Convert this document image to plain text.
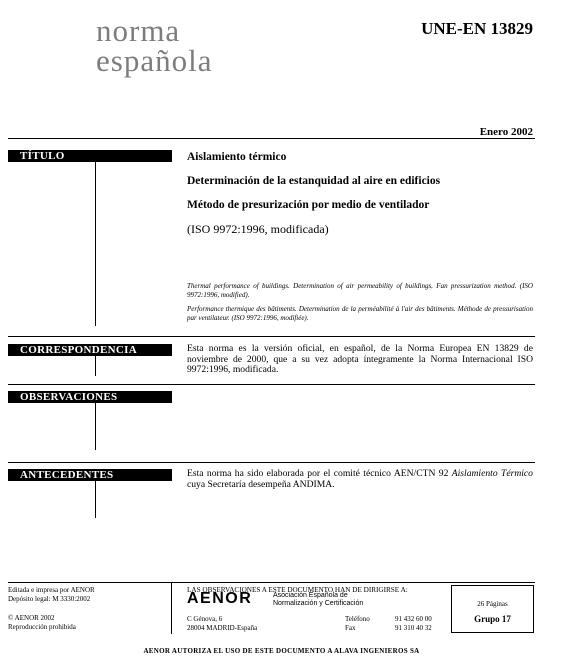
norma
española
UNE-EN 13829
Enero 2002
TÍTULO
CORRESPONDENCIA
OBSERVACIONES
ANTECEDENTES
Aislamiento térmico
Determinación de la estanquidad al aire en edificios
Método de presurización por medio de ventilador
(ISO 9972:1996, modificada)
Thermal performance of buildings. Determination of air permeability of buildings. Fan pressurization method. (ISO 9972:1996, modified).
Performance thermique des bâtiments. Determination de la perméabilité à l'air des bâtiments. Méthode de pressurisation par ventilateur. (ISO 9972:1996, modifiée).
Esta norma es la versión oficial, en español, de la Norma Europea EN 13829 de noviembre de 2000, que a su vez adopta íntegramente la Norma Internacional ISO 9972:1996, modificada.
Esta norma ha sido elaborada por el comité técnico AEN/CTN 92 Aislamiento Térmico cuya Secretaría desempeña ANDIMA.
Editada e impresa por AENOR
Depósito legal: M 3330:2002
© AENOR 2002
Reproducción prohibida
LAS OBSERVACIONES A ESTE DOCUMENTO HAN DE DIRIGIRSE A:
AENOR	Asociación Española de
Normalización y Certificación
C Génova, 6
28004 MADRID-España
Teléfono
Fax
91 432 60 00
91 310 40 32
26 Páginas
Grupo 17
AENOR AUTORIZA EL USO DE ESTE DOCUMENTO A ALAVA INGENIEROS SA
